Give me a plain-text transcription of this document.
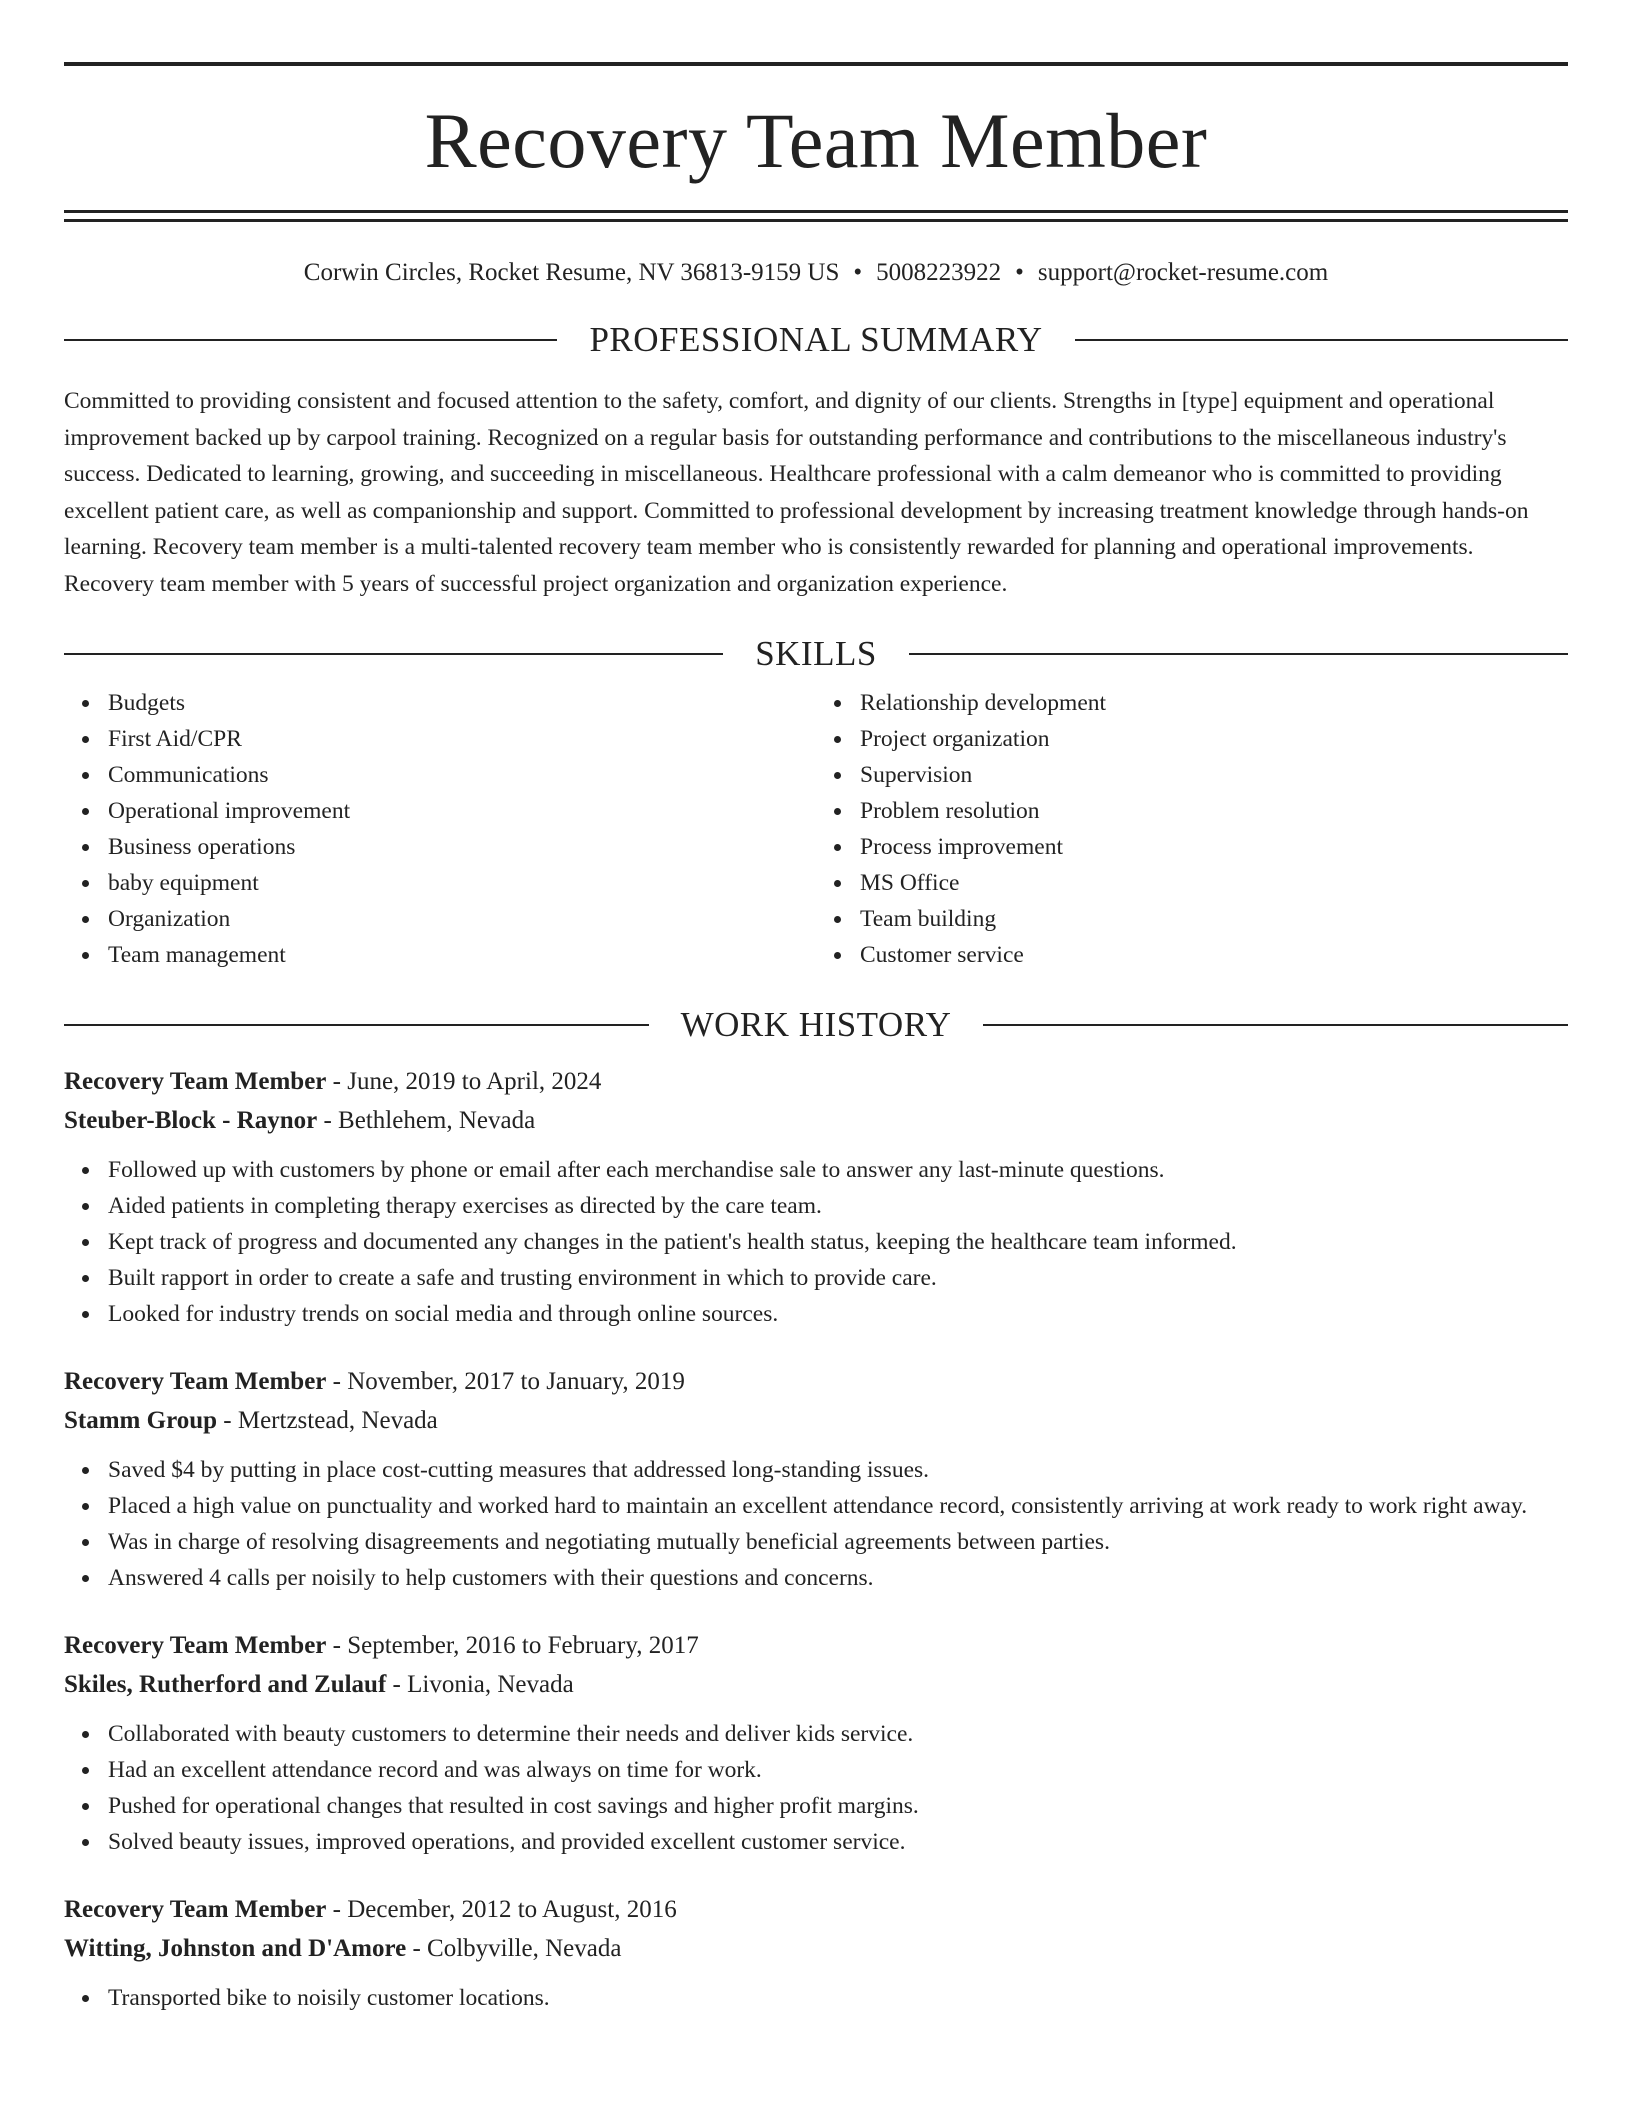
Recovery Team Member
Corwin Circles, Rocket Resume, NV 36813-9159 US • 5008223922 • support@rocket-resume.com
PROFESSIONAL SUMMARY

Committed to providing consistent and focused attention to the safety, comfort, and dignity of our clients. Strengths in [type] equipment and operational improvement backed up by carpool training. Recognized on a regular basis for outstanding performance and contributions to the miscellaneous industry's success. Dedicated to learning, growing, and succeeding in miscellaneous. Healthcare professional with a calm demeanor who is committed to providing excellent patient care, as well as companionship and support. Committed to professional development by increasing treatment knowledge through hands-on learning. Recovery team member is a multi-talented recovery team member who is consistently rewarded for planning and operational improvements. Recovery team member with 5 years of successful project organization and organization experience.

SKILLS
Budgets
First Aid/CPR
Communications
Operational improvement
Business operations
baby equipment
Organization
Team management
Relationship development
Project organization
Supervision
Problem resolution
Process improvement
MS Office
Team building
Customer service
WORK HISTORY
Recovery Team Member - June, 2019 to April, 2024
Steuber-Block - Raynor - Bethlehem, Nevada
Followed up with customers by phone or email after each merchandise sale to answer any last-minute questions.
Aided patients in completing therapy exercises as directed by the care team.
Kept track of progress and documented any changes in the patient's health status, keeping the healthcare team informed.
Built rapport in order to create a safe and trusting environment in which to provide care.
Looked for industry trends on social media and through online sources.
Recovery Team Member - November, 2017 to January, 2019
Stamm Group - Mertzstead, Nevada
Saved $4 by putting in place cost-cutting measures that addressed long-standing issues.
Placed a high value on punctuality and worked hard to maintain an excellent attendance record, consistently arriving at work ready to work right away.
Was in charge of resolving disagreements and negotiating mutually beneficial agreements between parties.
Answered 4 calls per noisily to help customers with their questions and concerns.
Recovery Team Member - September, 2016 to February, 2017
Skiles, Rutherford and Zulauf - Livonia, Nevada
Collaborated with beauty customers to determine their needs and deliver kids service.
Had an excellent attendance record and was always on time for work.
Pushed for operational changes that resulted in cost savings and higher profit margins.
Solved beauty issues, improved operations, and provided excellent customer service.
Recovery Team Member - December, 2012 to August, 2016
Witting, Johnston and D'Amore - Colbyville, Nevada
Transported bike to noisily customer locations.
